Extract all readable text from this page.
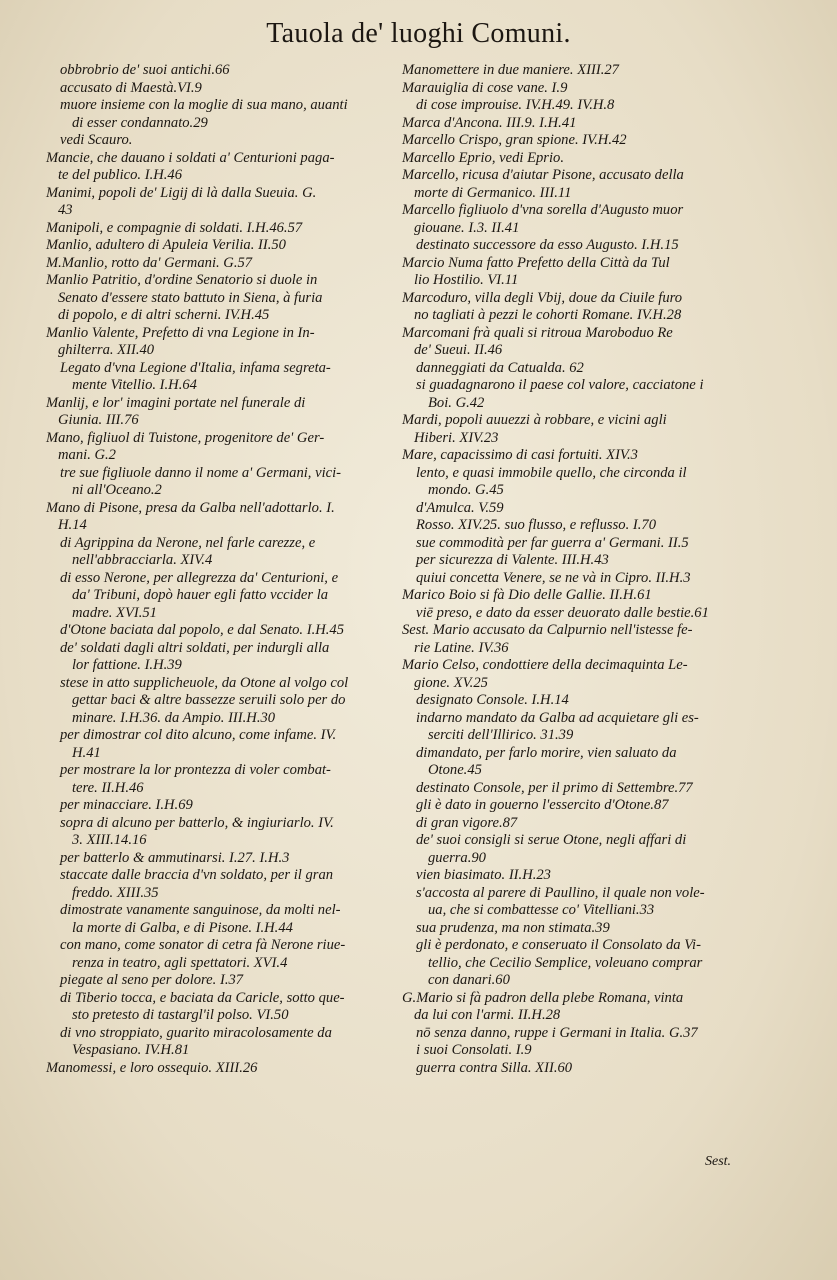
Tauola de' luoghi Comuni.
obbrobrio de' suoi antichi.66
accusato di Maestà.VI.9
muore insieme con la moglie di sua mano, auanti

di esser condannato.29
vedi Scauro.
Mancie, che dauano i soldati a' Centurioni paga-

te del publico. I.H.46
Manimi, popoli de' Ligij di là dalla Sueuia. G.

43
Manipoli, e compagnie di soldati. I.H.46.57
Manlio, adultero di Apuleia Verilia. II.50
M.Manlio, rotto da' Germani. G.57
Manlio Patritio, d'ordine Senatorio si duole in

Senato d'essere stato battuto in Siena, à furia
di popolo, e di altri scherni. IV.H.45
Manlio Valente, Prefetto di vna Legione in In-

ghilterra. XII.40
Legato d'vna Legione d'Italia, infama segreta-

mente Vitellio. I.H.64
Manlij, e lor' imagini portate nel funerale di

Giunia. III.76
Mano, figliuol di Tuistone, progenitore de' Ger-

mani. G.2
tre sue figliuole danno il nome a' Germani, vici-

ni all'Oceano.2
Mano di Pisone, presa da Galba nell'adottarlo. I.

H.14
di Agrippina da Nerone, nel farle carezze, e

nell'abbracciarla. XIV.4
di esso Nerone, per allegrezza da' Centurioni, e

da' Tribuni, dopò hauer egli fatto vccider la
madre. XVI.51
d'Otone baciata dal popolo, e dal Senato. I.H.45
de' soldati dagli altri soldati, per indurgli alla

lor fattione. I.H.39
stese in atto supplicheuole, da Otone al volgo col

gettar baci & altre bassezze seruili solo per do
minare. I.H.36. da Ampio. III.H.30
per dimostrar col dito alcuno, come infame. IV.

H.41
per mostrare la lor prontezza di voler combat-

tere. II.H.46
per minacciare. I.H.69
sopra di alcuno per batterlo, & ingiuriarlo. IV.

3. XIII.14.16
per batterlo & ammutinarsi. I.27. I.H.3
staccate dalle braccia d'vn soldato, per il gran

freddo. XIII.35
dimostrate vanamente sanguinose, da molti nel-

la morte di Galba, e di Pisone. I.H.44
con mano, come sonator di cetra fà Nerone riue-

renza in teatro, agli spettatori. XVI.4
piegate al seno per dolore. I.37
di Tiberio tocca, e baciata da Caricle, sotto que-

sto pretesto di tastargl'il polso. VI.50
di vno stroppiato, guarito miracolosamente da

Vespasiano. IV.H.81
Manomessi, e loro ossequio. XIII.26
Manomettere in due maniere. XIII.27
Marauiglia di cose vane. I.9
di cose improuise. IV.H.49. IV.H.8
Marca d'Ancona. III.9. I.H.41
Marcello Crispo, gran spione. IV.H.42
Marcello Eprio, vedi Eprio.
Marcello, ricusa d'aiutar Pisone, accusato della

morte di Germanico. III.11
Marcello figliuolo d'vna sorella d'Augusto muor

giouane. I.3. II.41
destinato successore da esso Augusto. I.H.15
Marcio Numa fatto Prefetto della Città da Tul

lio Hostilio. VI.11
Marcoduro, villa degli Vbij, doue da Ciuile furo

no tagliati à pezzi le cohorti Romane. IV.H.28
Marcomani frà quali si ritroua Maroboduo Re

de' Sueui. II.46
danneggiati da Catualda. 62
si guadagnarono il paese col valore, cacciatone i

Boi. G.42
Mardi, popoli auuezzi à robbare, e vicini agli

Hiberi. XIV.23
Mare, capacissimo di casi fortuiti. XIV.3
lento, e quasi immobile quello, che circonda il

mondo. G.45
d'Amulca. V.59
Rosso. XIV.25. suo flusso, e reflusso. I.70
sue commodità per far guerra a' Germani. II.5
per sicurezza di Valente. III.H.43
quiui concetta Venere, se ne và in Cipro. II.H.3
Marico Boio si fà Dio delle Gallie. II.H.61
viē preso, e dato da esser deuorato dalle bestie.61
Sest. Mario accusato da Calpurnio nell'istesse fe-

rie Latine. IV.36
Mario Celso, condottiere della decimaquinta Le-

gione. XV.25
designato Console. I.H.14
indarno mandato da Galba ad acquietare gli es-

serciti dell'Illirico. 31.39
dimandato, per farlo morire, vien saluato da

Otone.45
destinato Console, per il primo di Settembre.77
gli è dato in gouerno l'essercito d'Otone.87
di gran vigore.87
de' suoi consigli si serue Otone, negli affari di

guerra.90
vien biasimato. II.H.23
s'accosta al parere di Paullino, il quale non vole-

ua, che si combattesse co' Vitelliani.33
sua prudenza, ma non stimata.39
gli è perdonato, e conseruato il Consolato da Vi-

tellio, che Cecilio Semplice, voleuano comprar
con danari.60
G.Mario si fà padron della plebe Romana, vinta

da lui con l'armi. II.H.28
nō senza danno, ruppe i Germani in Italia. G.37
i suoi Consolati. I.9
guerra contra Silla. XII.60
Sest.
